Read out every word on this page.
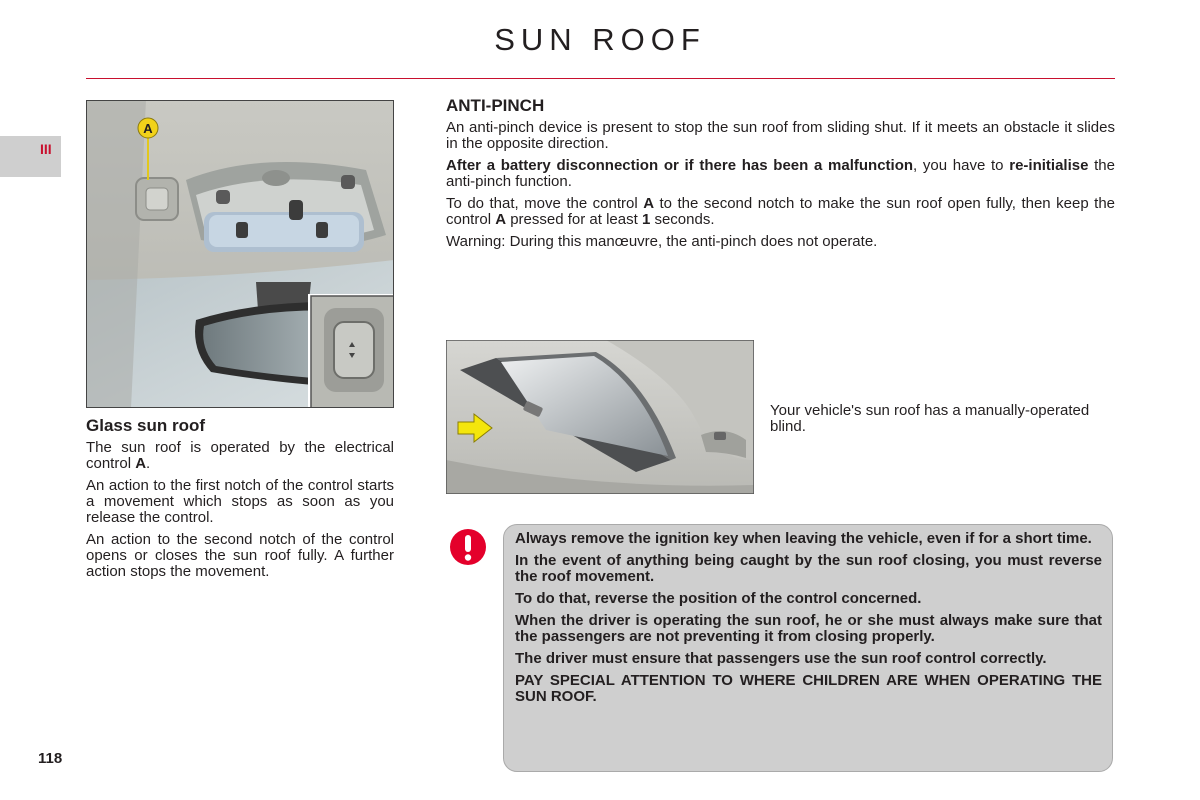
SUN ROOF
III
A
Glass sun roof

The sun roof is operated by the electrical control A.

An action to the first notch of the control starts a movement which stops as soon as you release the control.

An action to the second notch of the control opens or closes the sun roof fully. A further action stops the movement.

ANTI-PINCH

An anti-pinch device is present to stop the sun roof from sliding shut. If it meets an obstacle it slides in the opposite direction.

After a battery disconnection or if there has been a malfunction, you have to re-initialise the anti-pinch function.

To do that, move the control A to the second notch to make the sun roof open fully, then keep the control A pressed for at least 1 seconds.

Warning: During this manœuvre, the anti-pinch does not operate.

Your vehicle's sun roof has a manually-operated blind.

Always remove the ignition key when leaving the vehicle, even if for a short time.

In the event of anything being caught by the sun roof closing, you must reverse the roof movement.

To do that, reverse the position of the control concerned.

When the driver is operating the sun roof, he or she must always make sure that the passengers are not preventing it from closing properly.

The driver must ensure that passengers use the sun roof control correctly.

PAY SPECIAL ATTENTION TO WHERE CHILDREN ARE WHEN OPERATING THE SUN ROOF.

118
